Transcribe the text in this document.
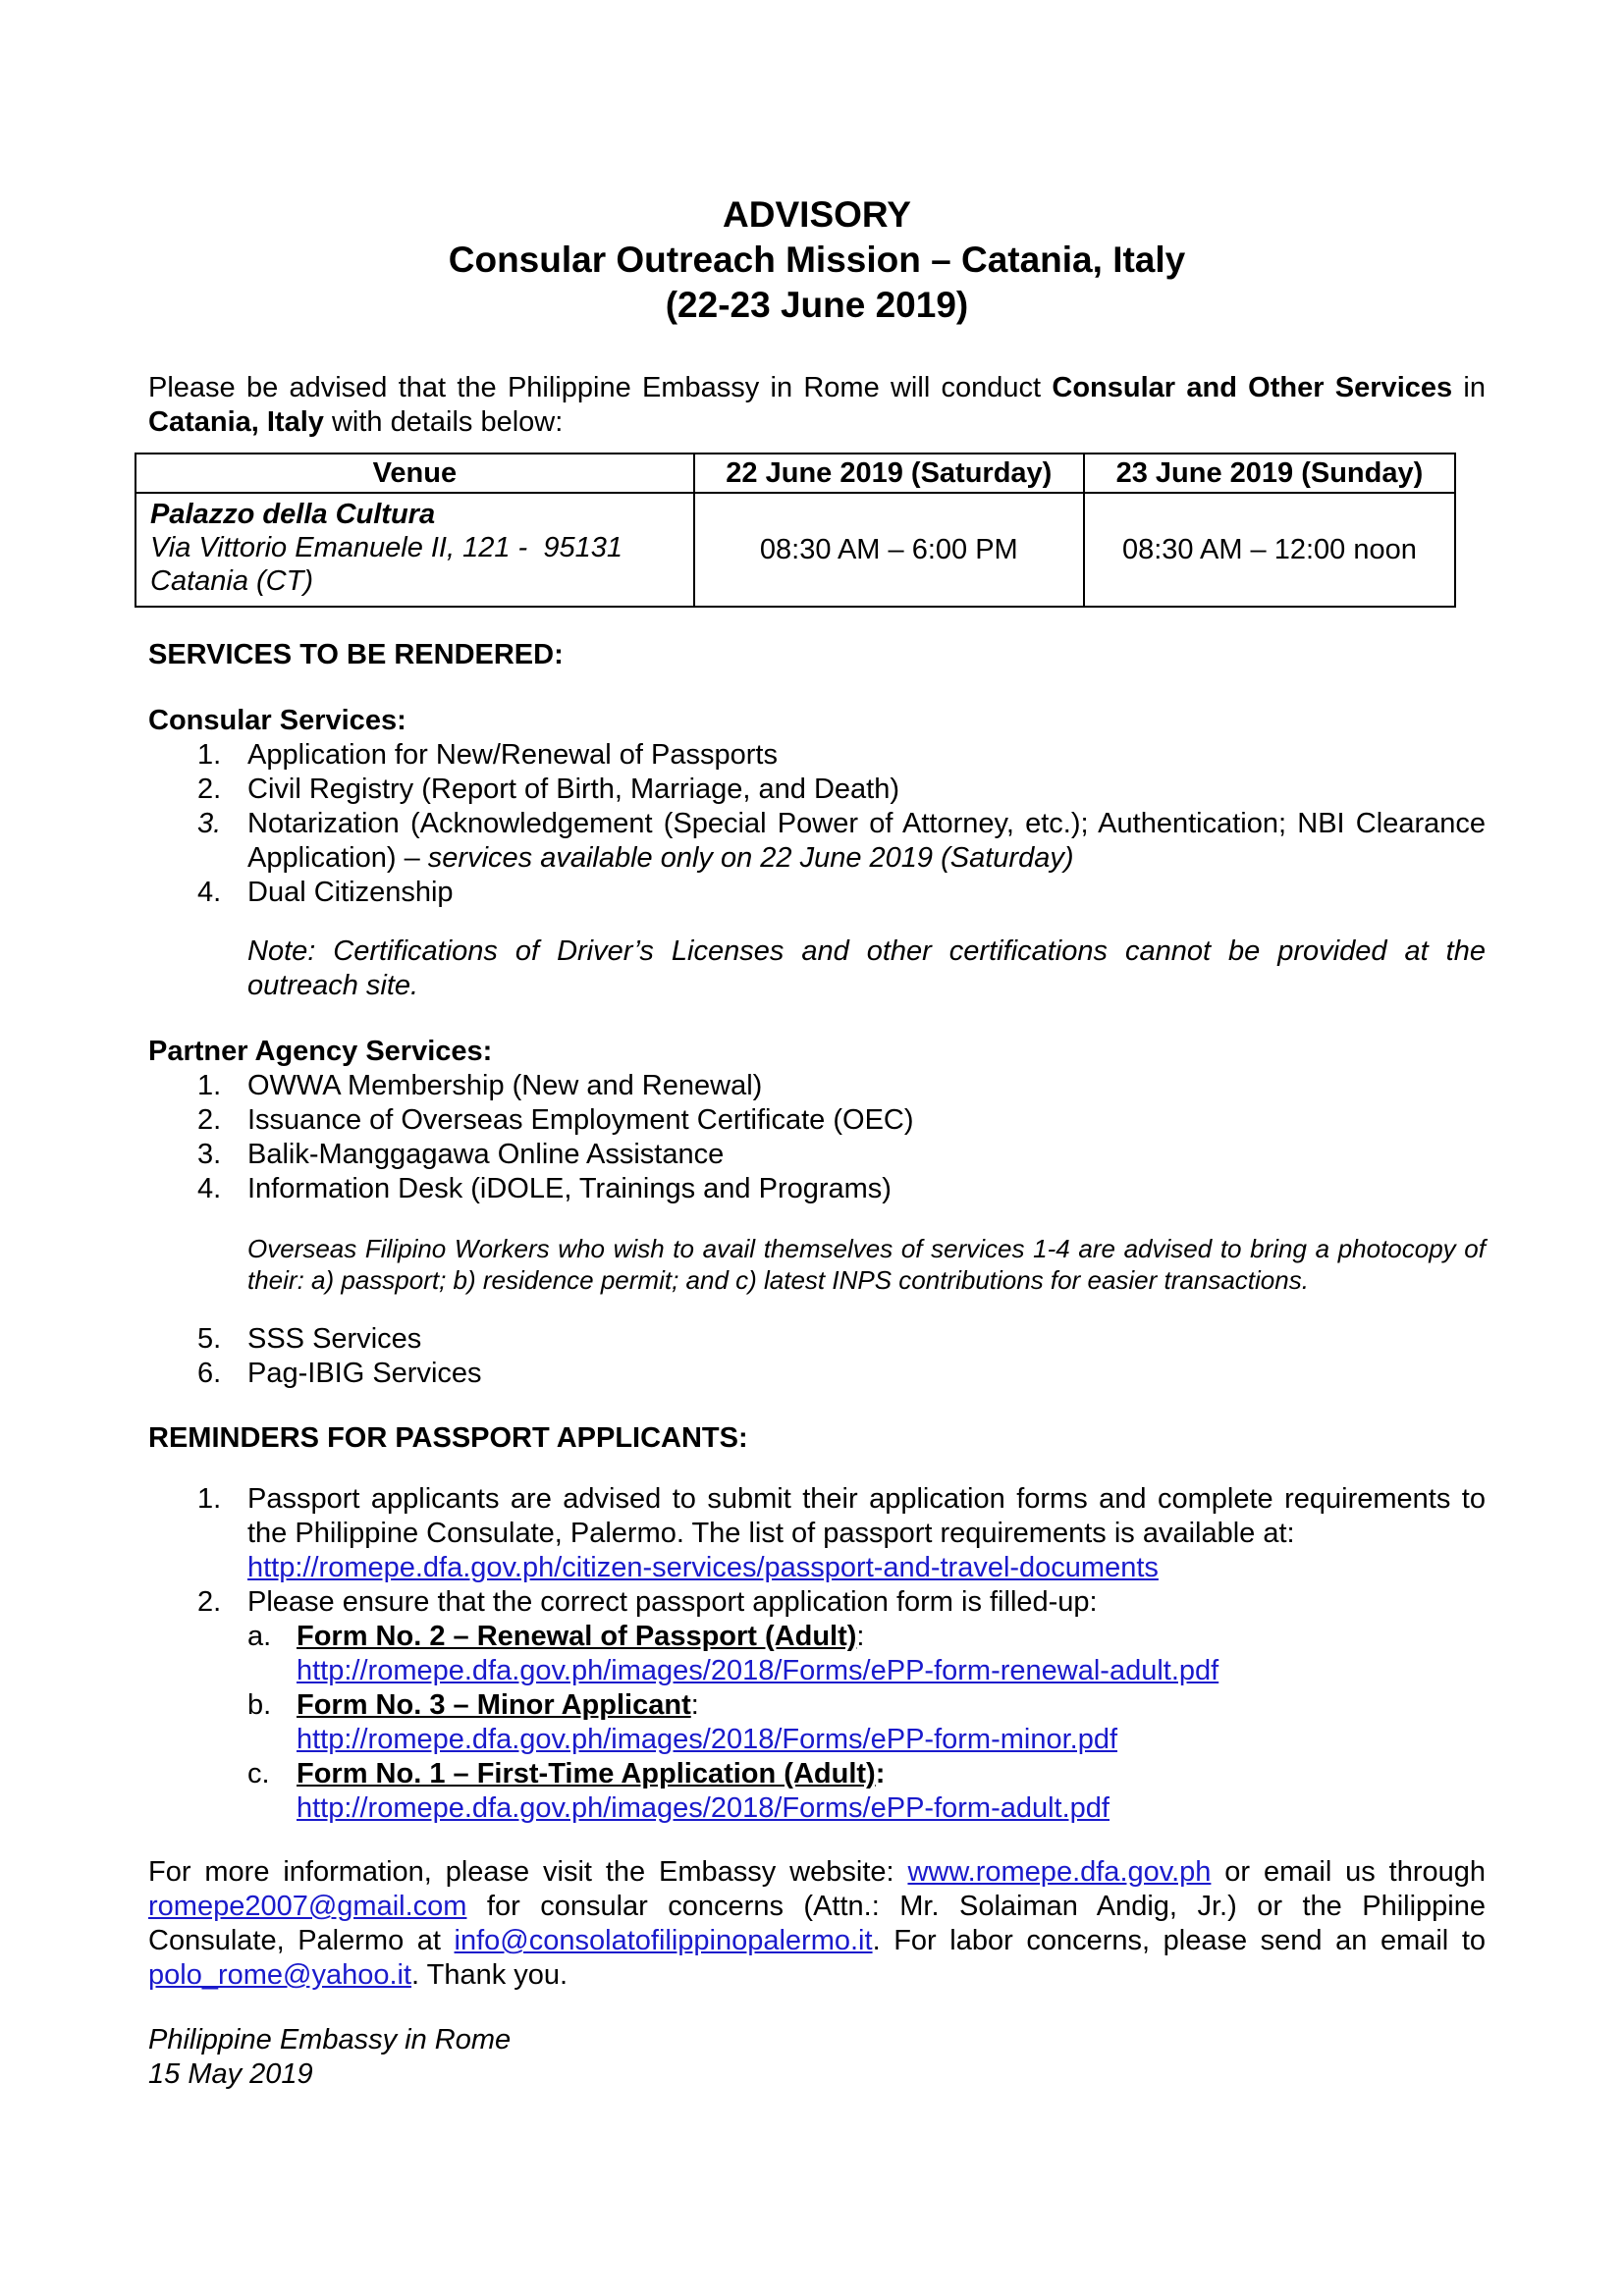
ADVISORY
Consular Outreach Mission – Catania, Italy
(22-23 June 2019)

Please be advised that the Philippine Embassy in Rome will conduct Consular and Other Services in Catania, Italy with details below:

Venue	22 June 2019 (Saturday)	23 June 2019 (Sunday)

Palazzo della Cultura
Via Vittorio Emanuele II, 121 -  95131
Catania (CT)	08:30 AM – 6:00 PM	08:30 AM – 12:00 noon

SERVICES TO BE RENDERED:

Consular Services:

1. Application for New/Renewal of Passports
2. Civil Registry (Report of Birth, Marriage, and Death)
3. Notarization (Acknowledgement (Special Power of Attorney, etc.); Authentication; NBI Clearance Application) – services available only on 22 June 2019 (Saturday)
4. Dual Citizenship

Note: Certifications of Driver’s Licenses and other certifications cannot be provided at the outreach site.

Partner Agency Services:

1. OWWA Membership (New and Renewal)
2. Issuance of Overseas Employment Certificate (OEC)
3. Balik-Manggagawa Online Assistance
4. Information Desk (iDOLE, Trainings and Programs)

Overseas Filipino Workers who wish to avail themselves of services 1-4 are advised to bring a photocopy of their: a) passport; b) residence permit; and c) latest INPS contributions for easier transactions.

5. SSS Services
6. Pag-IBIG Services

REMINDERS FOR PASSPORT APPLICANTS:

1. Passport applicants are advised to submit their application forms and complete requirements to the Philippine Consulate, Palermo. The list of passport requirements is available at:
http://romepe.dfa.gov.ph/citizen-services/passport-and-travel-documents
2. Please ensure that the correct passport application form is filled-up:
a. Form No. 2 – Renewal of Passport (Adult):
http://romepe.dfa.gov.ph/images/2018/Forms/ePP-form-renewal-adult.pdf
b. Form No. 3 – Minor Applicant:
http://romepe.dfa.gov.ph/images/2018/Forms/ePP-form-minor.pdf
c. Form No. 1 – First-Time Application (Adult):
http://romepe.dfa.gov.ph/images/2018/Forms/ePP-form-adult.pdf

For more information, please visit the Embassy website: www.romepe.dfa.gov.ph or email us through romepe2007@gmail.com for consular concerns (Attn.: Mr. Solaiman Andig, Jr.) or the Philippine Consulate, Palermo at info@consolatofilippinopalermo.it. For labor concerns, please send an email to polo_rome@yahoo.it. Thank you.

Philippine Embassy in Rome
15 May 2019
